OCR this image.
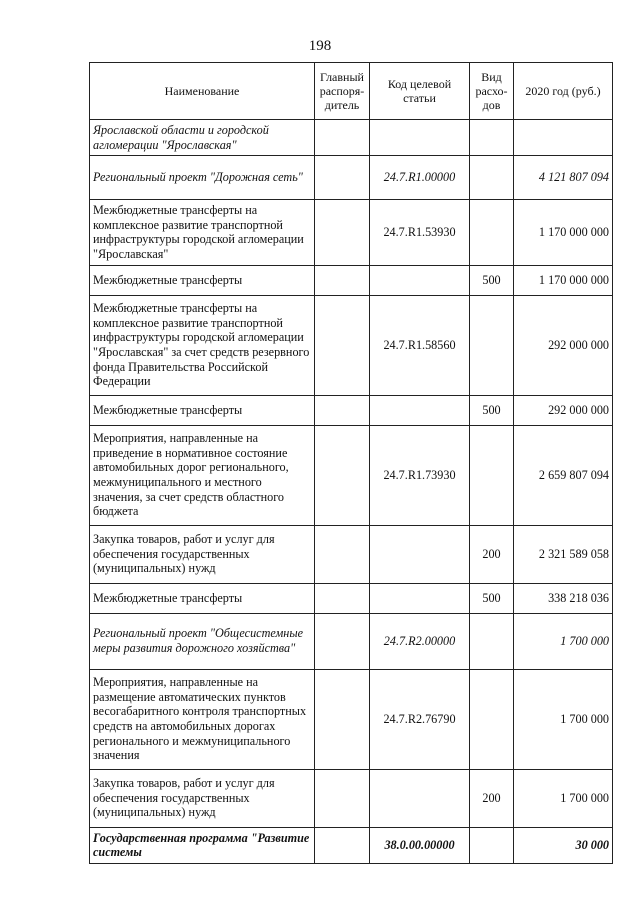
198
Наименование	Главный распоря-дитель	Код целевой статьи	Вид расхо-дов	2020 год (руб.)
Ярославской области и городской агломерации "Ярославская"				
Региональный проект "Дорожная сеть"		24.7.R1.00000		4 121 807 094
Межбюджетные трансферты на комплексное развитие транспортной инфраструктуры городской агломерации "Ярославская"		24.7.R1.53930		1 170 000 000
Межбюджетные трансферты			500	1 170 000 000
Межбюджетные трансферты на комплексное развитие транспортной инфраструктуры городской агломерации "Ярославская" за счет средств резервного фонда Правительства Российской Федерации		24.7.R1.58560		292 000 000
Межбюджетные трансферты			500	292 000 000
Мероприятия, направленные на приведение в нормативное состояние автомобильных дорог регионального, межмуниципального и местного значения, за счет средств областного бюджета		24.7.R1.73930		2 659 807 094
Закупка товаров, работ и услуг для обеспечения государственных (муниципальных) нужд			200	2 321 589 058
Межбюджетные трансферты			500	338 218 036
Региональный проект "Общесистемные меры развития дорожного хозяйства"		24.7.R2.00000		1 700 000
Мероприятия, направленные на размещение автоматических пунктов весогабаритного контроля транспортных средств на автомобильных дорогах регионального и межмуниципального значения		24.7.R2.76790		1 700 000
Закупка товаров, работ и услуг для обеспечения государственных (муниципальных) нужд			200	1 700 000
Государственная программа "Развитие системы		38.0.00.00000		30 000
